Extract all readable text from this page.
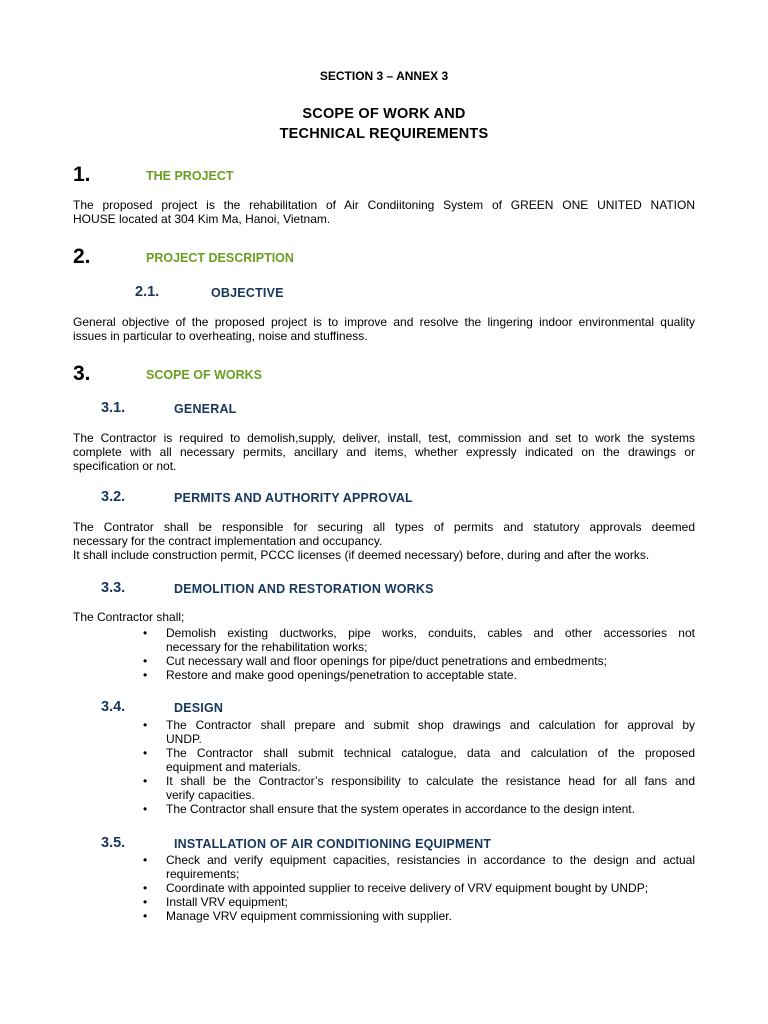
SECTION 3 – ANNEX 3
SCOPE OF WORK AND
TECHNICAL REQUIREMENTS
1.	THE PROJECT
The proposed project is the rehabilitation of Air Condiitoning System of GREEN ONE UNITED NATION
HOUSE located at 304 Kim Ma, Hanoi, Vietnam.
2.	PROJECT DESCRIPTION
2.1.	OBJECTIVE
General objective of the proposed project is to improve and resolve the lingering indoor environmental quality
issues in particular to overheating, noise and stuffiness.
3.	SCOPE OF WORKS
3.1.	GENERAL
The Contractor is required to demolish,supply, deliver, install, test, commission and set to work the systems
complete with all necessary permits, ancillary and items, whether expressly indicated on the drawings or
specification or not.
3.2.	PERMITS AND AUTHORITY APPROVAL
The Contrator shall be responsible for securing all types of permits and statutory approvals deemed
necessary for the contract implementation and occupancy.
It shall include construction permit, PCCC licenses (if deemed necessary) before, during and after the works.
3.3.	DEMOLITION AND RESTORATION WORKS
The Contractor shall;
• Demolish existing ductworks, pipe works, conduits, cables and other accessories not
necessary for the rehabilitation works;
• Cut necessary wall and floor openings for pipe/duct penetrations and embedments;
• Restore and make good openings/penetration to acceptable state.
3.4.	DESIGN
• The Contractor shall prepare and submit shop drawings and calculation for approval by
UNDP.
• The Contractor shall submit technical catalogue, data and calculation of the proposed
equipment and materials.
• It shall be the Contractor’s responsibility to calculate the resistance head for all fans and
verify capacities.
• The Contractor shall ensure that the system operates in accordance to the design intent.
3.5.	INSTALLATION OF AIR CONDITIONING EQUIPMENT
• Check and verify equipment capacities, resistancies in accordance to the design and actual
requirements;
• Coordinate with appointed supplier to receive delivery of VRV equipment bought by UNDP;
• Install VRV equipment;
• Manage VRV equipment commissioning with supplier.
